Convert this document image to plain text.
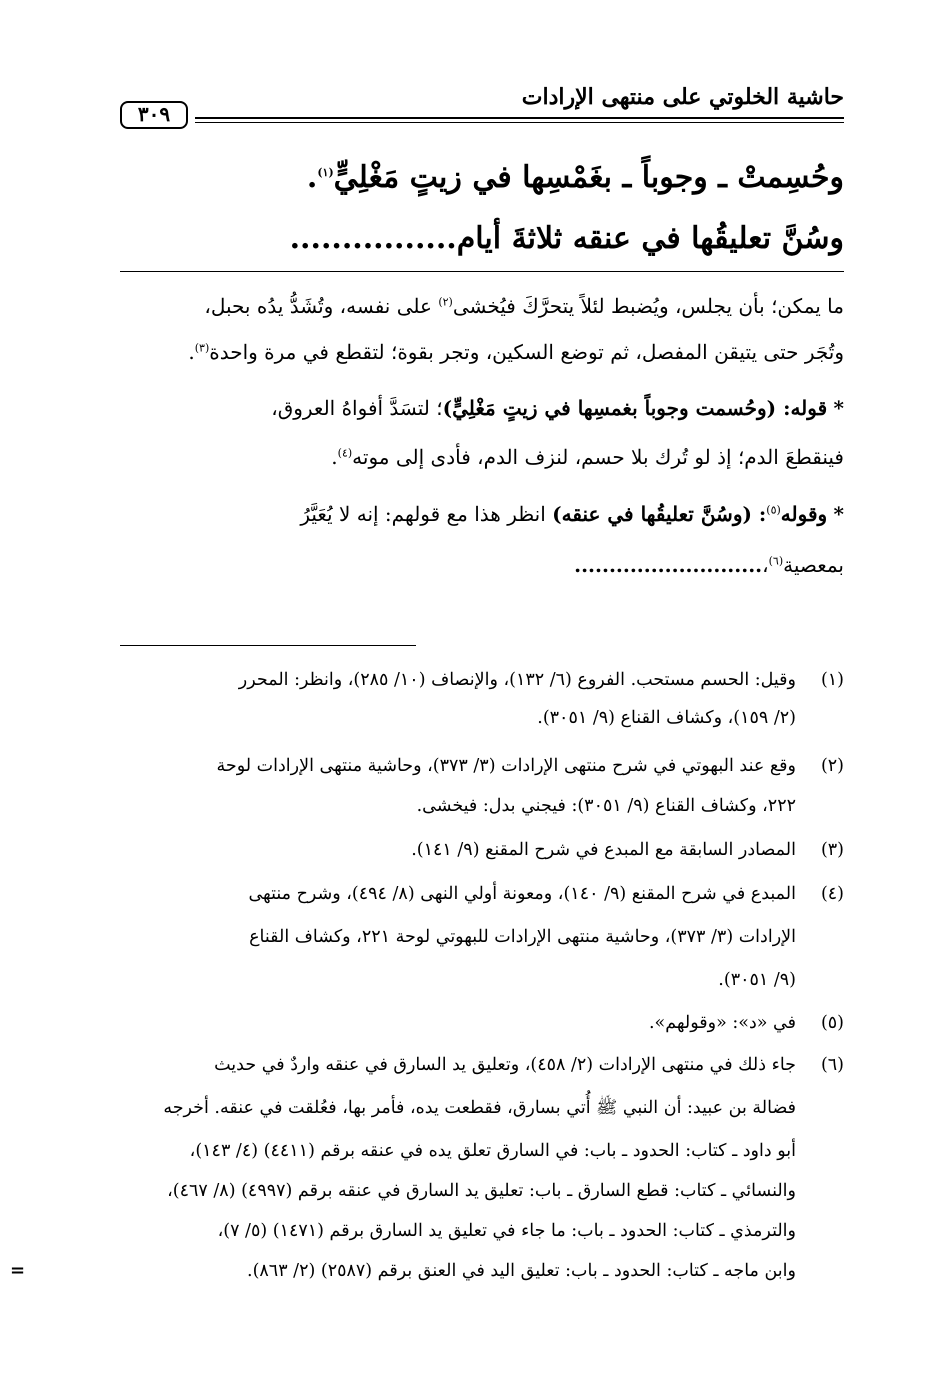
حاشية الخلوتي على منتهى الإرادات
٣٠٩
وحُسِمتْ ـ وجوباً ـ بغَمْسِها في زيتٍ مَغْلِيٍّ$^{(١)}$.
وسُنَّ تعليقُها في عنقه ثلاثةَ أيام................
ما يمكن؛ بأن يجلس، ويُضبط لئلاً يتحرَّكَ فيُخشى$^{(٢)}$ على نفسه، وتُشَدُّ يدُه بحبل،
وتُجَر حتى يتيقن المفصل، ثم توضع السكين، وتجر بقوة؛ لتقطع في مرة واحدة$^{(٣)}$.
* قوله: (وحُسمت وجوباً بغمسِها في زيتٍ مَغْلِيٍّ)؛ لتسَدَّ أفواهُ العروق،
فينقطعَ الدم؛ إذ لو تُرك بلا حسم، لنزف الدم، فأدى إلى موته$^{(٤)}$.
* وقوله$^{(٥)}$: (وسُنَّ تعليقُها في عنقه) انظر هذا مع قولهم: إنه لا يُعَيَّرُ
بمعصية$^{(٦)}$،...........................
(١)
وقيل: الحسم مستحب. الفروع (٦/ ١٣٢)، والإنصاف (١٠/ ٢٨٥)، وانظر: المحرر
(٢/ ١٥٩)، وكشاف القناع (٩/ ٣٠٥١).
(٢)
وقع عند البهوتي في شرح منتهى الإرادات (٣/ ٣٧٣)، وحاشية منتهى الإرادات لوحة
٢٢٢، وكشاف القناع (٩/ ٣٠٥١): فيجني بدل: فيخشى.
(٣)
المصادر السابقة مع المبدع في شرح المقنع (٩/ ١٤١).
(٤)
المبدع في شرح المقنع (٩/ ١٤٠)، ومعونة أولي النهى (٨/ ٤٩٤)، وشرح منتهى
الإرادات (٣/ ٣٧٣)، وحاشية منتهى الإرادات للبهوتي لوحة ٢٢١، وكشاف القناع
(٩/ ٣٠٥١).
(٥)
في «د»: «وقولهم».
(٦)
جاء ذلك في منتهى الإرادات (٢/ ٤٥٨)، وتعليق يد السارق في عنقه واردٌ في حديث
فضالة بن عبيد: أن النبي ﷺ أُتي بسارق، فقطعت يده، فأمر بها، فعُلقت في عنقه. أخرجه
أبو داود ـ كتاب: الحدود ـ باب: في السارق تعلق يده في عنقه برقم (٤٤١١) (٤/ ١٤٣)،
والنسائي ـ كتاب: قطع السارق ـ باب: تعليق يد السارق في عنقه برقم (٤٩٩٧) (٨/ ٤٦٧)،
والترمذي ـ كتاب: الحدود ـ باب: ما جاء في تعليق يد السارق برقم (١٤٧١) (٥/ ٧)،
وابن ماجه ـ كتاب: الحدود ـ باب: تعليق اليد في العنق برقم (٢٥٨٧) (٢/ ٨٦٣).
=
